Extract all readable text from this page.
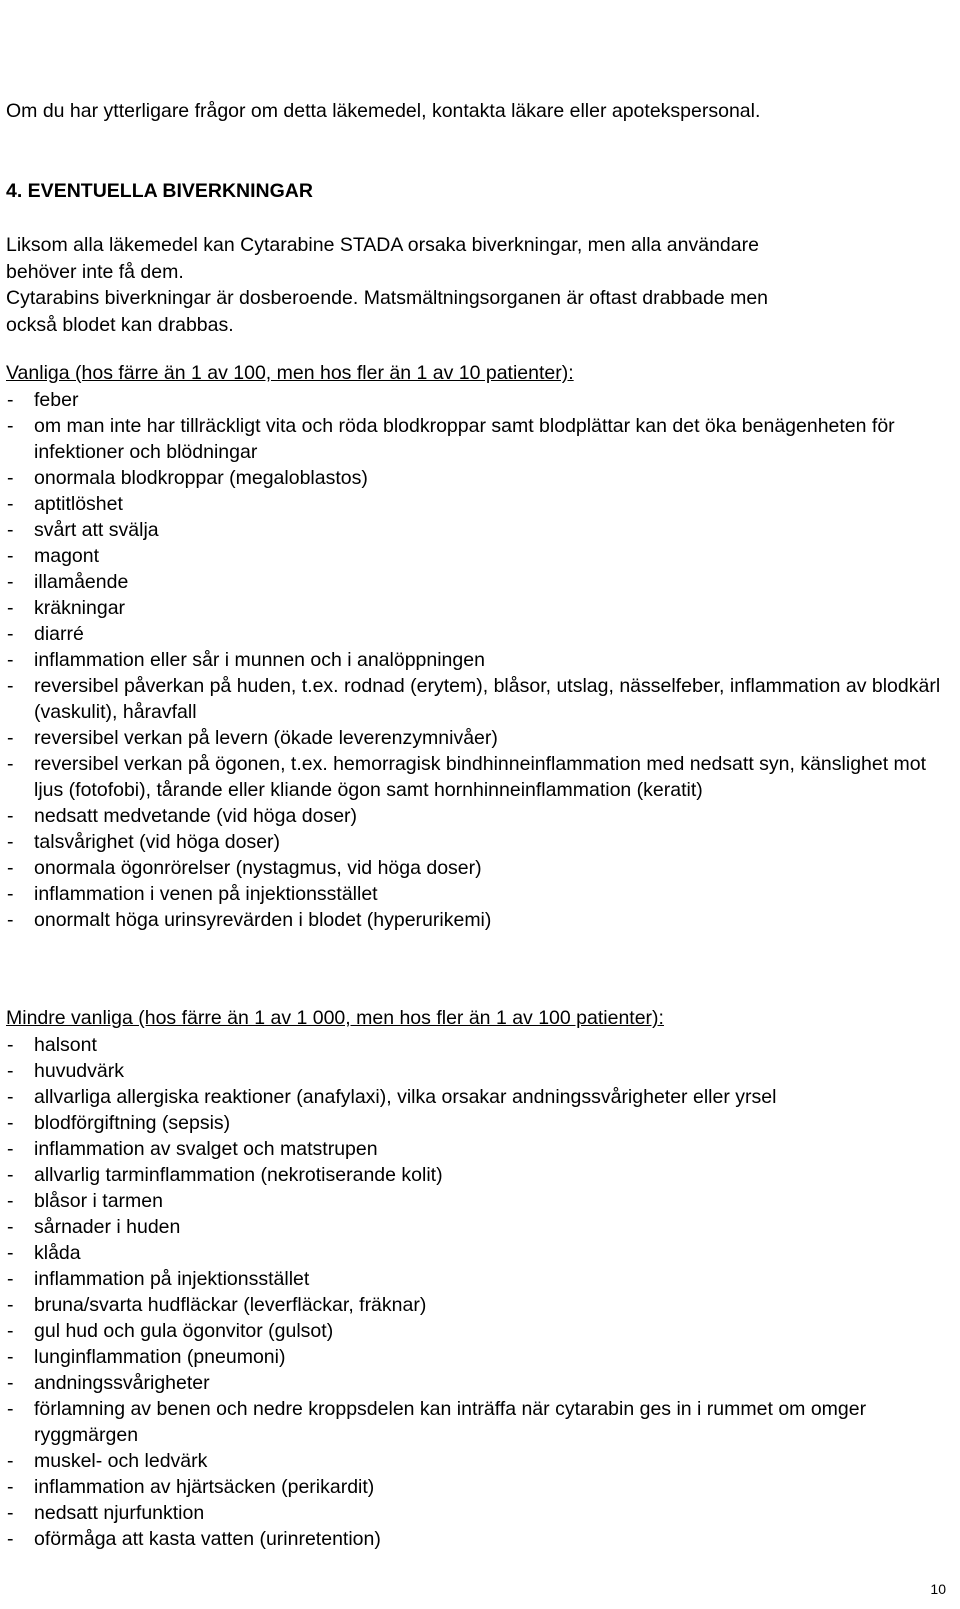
Om du har ytterligare frågor om detta läkemedel, kontakta läkare eller apotekspersonal.

4. EVENTUELLA BIVERKNINGAR

Liksom alla läkemedel kan Cytarabine STADA orsaka biverkningar, men alla användare

behöver inte få dem.

Cytarabins biverkningar är dosberoende. Matsmältningsorganen är oftast drabbade men

också blodet kan drabbas.

Vanliga (hos färre än 1 av 100, men hos fler än 1 av 10 patienter):

- feber
- om man inte har tillräckligt vita och röda blodkroppar samt blodplättar kan det öka benägenheten för infektioner och blödningar
- onormala blodkroppar (megaloblastos)
- aptitlöshet
- svårt att svälja
- magont
- illamående
- kräkningar
- diarré
- inflammation eller sår i munnen och i analöppningen
- reversibel påverkan på huden, t.ex. rodnad (erytem), blåsor, utslag, nässelfeber, inflammation av blodkärl (vaskulit), håravfall
- reversibel verkan på levern (ökade leverenzymnivåer)
- reversibel verkan på ögonen, t.ex. hemorragisk bindhinneinflammation med nedsatt syn, känslighet mot ljus (fotofobi), tårande eller kliande ögon samt hornhinneinflammation (keratit)
- nedsatt medvetande (vid höga doser)
- talsvårighet (vid höga doser)
- onormala ögonrörelser (nystagmus, vid höga doser)
- inflammation i venen på injektionsstället
- onormalt höga urinsyrevärden i blodet (hyperurikemi)

Mindre vanliga (hos färre än 1 av 1 000, men hos fler än 1 av 100 patienter):

- halsont
- huvudvärk
- allvarliga allergiska reaktioner (anafylaxi), vilka orsakar andningssvårigheter eller yrsel
- blodförgiftning (sepsis)
- inflammation av svalget och matstrupen
- allvarlig tarminflammation (nekrotiserande kolit)
- blåsor i tarmen
- sårnader i huden
- klåda
- inflammation på injektionsstället
- bruna/svarta hudfläckar (leverfläckar, fräknar)
- gul hud och gula ögonvitor (gulsot)
- lunginflammation (pneumoni)
- andningssvårigheter
- förlamning av benen och nedre kroppsdelen kan inträffa när cytarabin ges in i rummet om omger ryggmärgen
- muskel- och ledvärk
- inflammation av hjärtsäcken (perikardit)
- nedsatt njurfunktion
- oförmåga att kasta vatten (urinretention)
10
